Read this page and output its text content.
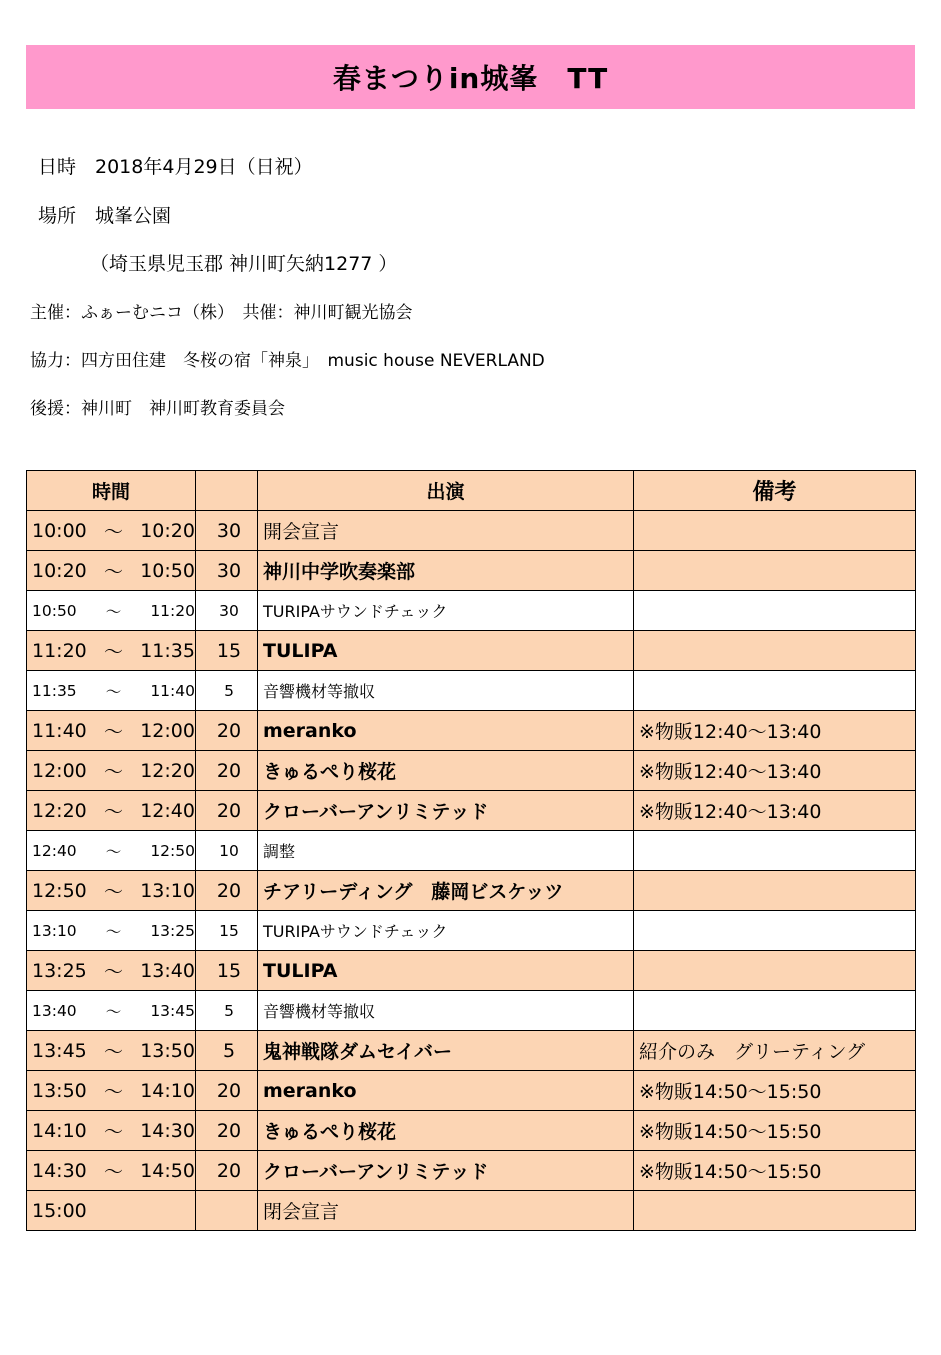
春まつりin城峯　TT
日時　2018年4月29日（日祝）
場所　城峯公園
（埼玉県児玉郡 神川町矢納1277 ）
主催：ふぁーむニコ（株）　共催：神川町観光協会
協力：四方田住建　冬桜の宿「神泉」　music house NEVERLAND
後援：神川町　神川町教育委員会
時間		出演	備考

10:00 ～ 10:20	30	開会宣言	

10:20 ～ 10:50	30	神川中学吹奏楽部	

10:50 ～ 11:20	30	TURIPAサウンドチェック	

11:20 ～ 11:35	15	TULIPA	

11:35 ～ 11:40	5	音響機材等撤収	

11:40 ～ 12:00	20	meranko	※物販12:40～13:40

12:00 ～ 12:20	20	きゅるぺり桜花	※物販12:40～13:40

12:20 ～ 12:40	20	クローバーアンリミテッド	※物販12:40～13:40

12:40 ～ 12:50	10	調整	

12:50 ～ 13:10	20	チアリーディング　藤岡ビスケッツ	

13:10 ～ 13:25	15	TURIPAサウンドチェック	

13:25 ～ 13:40	15	TULIPA	

13:40 ～ 13:45	5	音響機材等撤収	

13:45 ～ 13:50	5	鬼神戦隊ダムセイバー	紹介のみ　グリーティング

13:50 ～ 14:10	20	meranko	※物販14:50～15:50

14:10 ～ 14:30	20	きゅるぺり桜花	※物販14:50～15:50

14:30 ～ 14:50	20	クローバーアンリミテッド	※物販14:50～15:50

15:00		閉会宣言	
